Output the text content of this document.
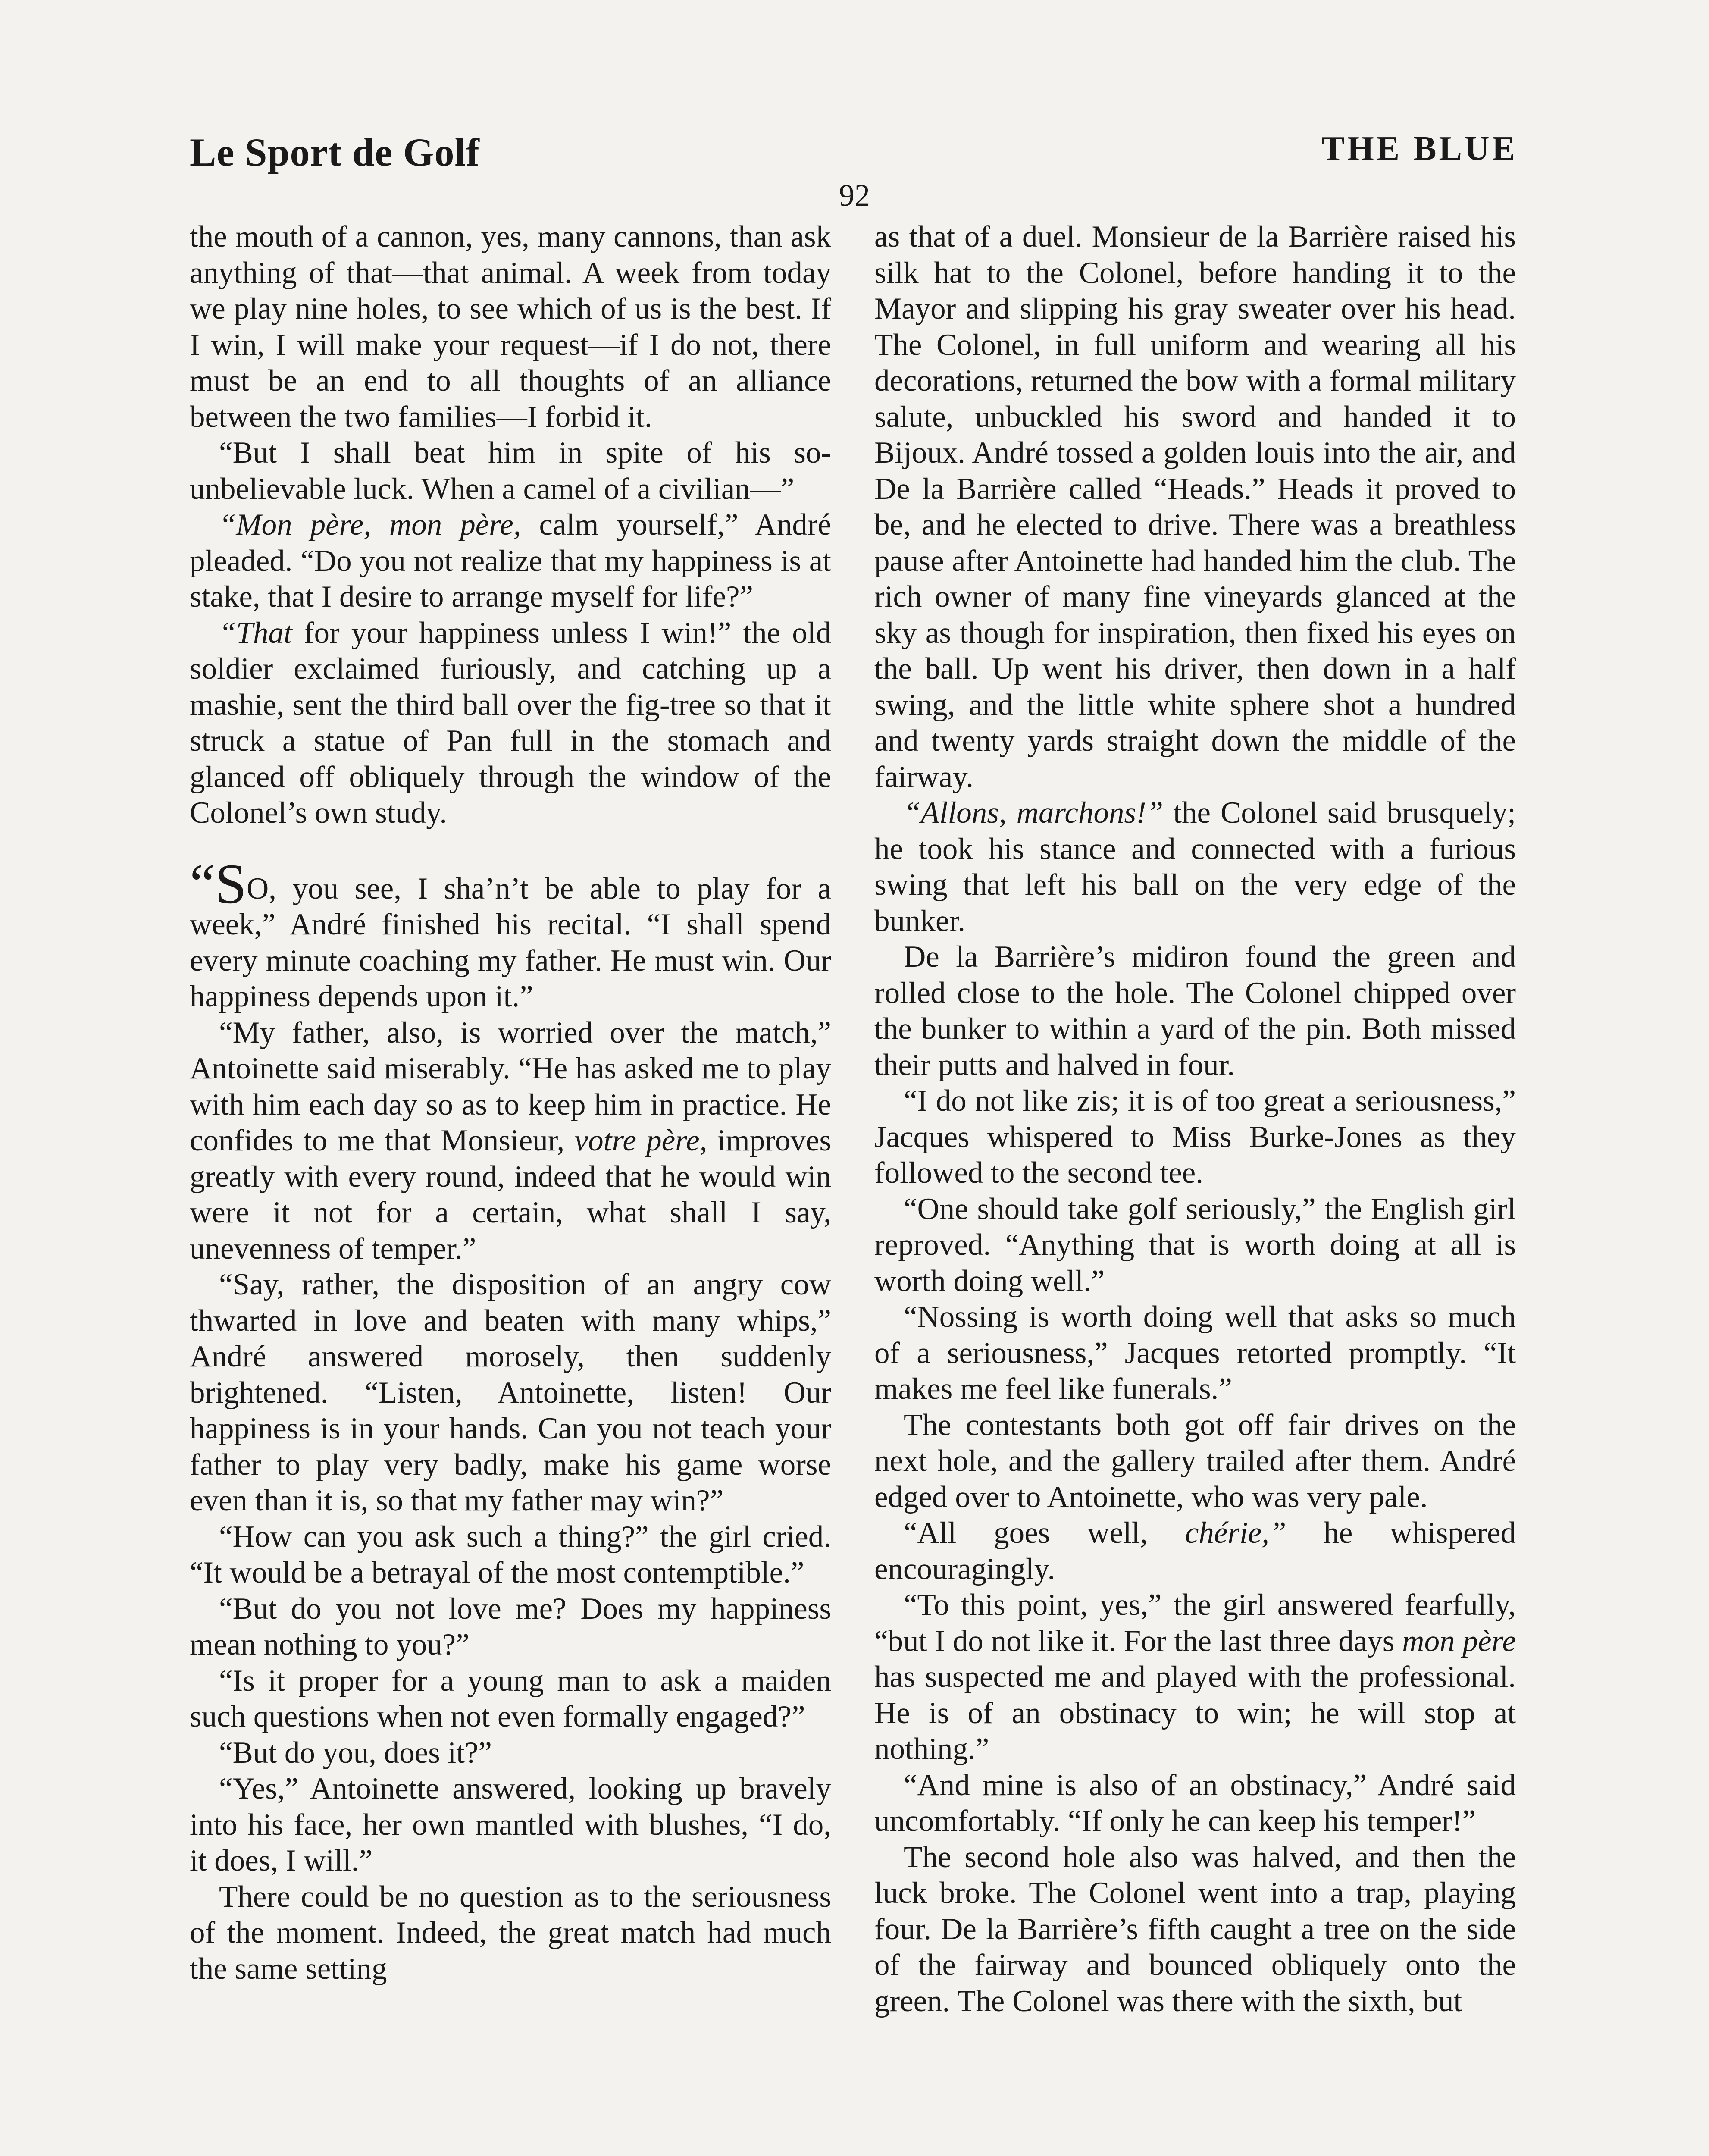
Le Sport de Golf	THE BLUE
92

the mouth of a cannon, yes, many cannons, than ask anything of that—that animal. A week from today we play nine holes, to see which of us is the best. If I win, I will make your request—if I do not, there must be an end to all thoughts of an alliance between the two families—I forbid it.

“But I shall beat him in spite of his so-unbelievable luck. When a camel of a civilian—”

“Mon père, mon père, calm yourself,” André pleaded. “Do you not realize that my happiness is at stake, that I desire to arrange myself for life?”

“That for your happiness unless I win!” the old soldier exclaimed furiously, and catching up a mashie, sent the third ball over the fig-tree so that it struck a statue of Pan full in the stomach and glanced off obliquely through the window of the Colonel’s own study.

“SO, you see, I sha’n’t be able to play for a week,” André finished his recital. “I shall spend every minute coaching my father. He must win. Our happiness depends upon it.”

“My father, also, is worried over the match,” Antoinette said miserably. “He has asked me to play with him each day so as to keep him in practice. He confides to me that Monsieur, votre père, improves greatly with every round, indeed that he would win were it not for a certain, what shall I say, unevenness of temper.”

“Say, rather, the disposition of an angry cow thwarted in love and beaten with many whips,” André answered morosely, then suddenly brightened. “Listen, Antoinette, listen! Our happiness is in your hands. Can you not teach your father to play very badly, make his game worse even than it is, so that my father may win?”

“How can you ask such a thing?” the girl cried. “It would be a betrayal of the most contemptible.”

“But do you not love me? Does my happiness mean nothing to you?”

“Is it proper for a young man to ask a maiden such questions when not even formally engaged?”

“But do you, does it?”

“Yes,” Antoinette answered, looking up bravely into his face, her own mantled with blushes, “I do, it does, I will.”

There could be no question as to the seriousness of the moment. Indeed, the great match had much the same setting

as that of a duel. Monsieur de la Barrière raised his silk hat to the Colonel, before handing it to the Mayor and slipping his gray sweater over his head. The Colonel, in full uniform and wearing all his decorations, returned the bow with a formal military salute, unbuckled his sword and handed it to Bijoux. André tossed a golden louis into the air, and De la Barrière called “Heads.” Heads it proved to be, and he elected to drive. There was a breathless pause after Antoinette had handed him the club. The rich owner of many fine vineyards glanced at the sky as though for inspiration, then fixed his eyes on the ball. Up went his driver, then down in a half swing, and the little white sphere shot a hundred and twenty yards straight down the middle of the fairway.

“Allons, marchons!” the Colonel said brusquely; he took his stance and connected with a furious swing that left his ball on the very edge of the bunker.

De la Barrière’s midiron found the green and rolled close to the hole. The Colonel chipped over the bunker to within a yard of the pin. Both missed their putts and halved in four.

“I do not like zis; it is of too great a seriousness,” Jacques whispered to Miss Burke-Jones as they followed to the second tee.

“One should take golf seriously,” the English girl reproved. “Anything that is worth doing at all is worth doing well.”

“Nossing is worth doing well that asks so much of a seriousness,” Jacques retorted promptly. “It makes me feel like funerals.”

The contestants both got off fair drives on the next hole, and the gallery trailed after them. André edged over to Antoinette, who was very pale.

“All goes well, chérie,” he whispered encouragingly.

“To this point, yes,” the girl answered fearfully, “but I do not like it. For the last three days mon père has suspected me and played with the professional. He is of an obstinacy to win; he will stop at nothing.”

“And mine is also of an obstinacy,” André said uncomfortably. “If only he can keep his temper!”

The second hole also was halved, and then the luck broke. The Colonel went into a trap, playing four. De la Barrière’s fifth caught a tree on the side of the fairway and bounced obliquely onto the green. The Colonel was there with the sixth, but
